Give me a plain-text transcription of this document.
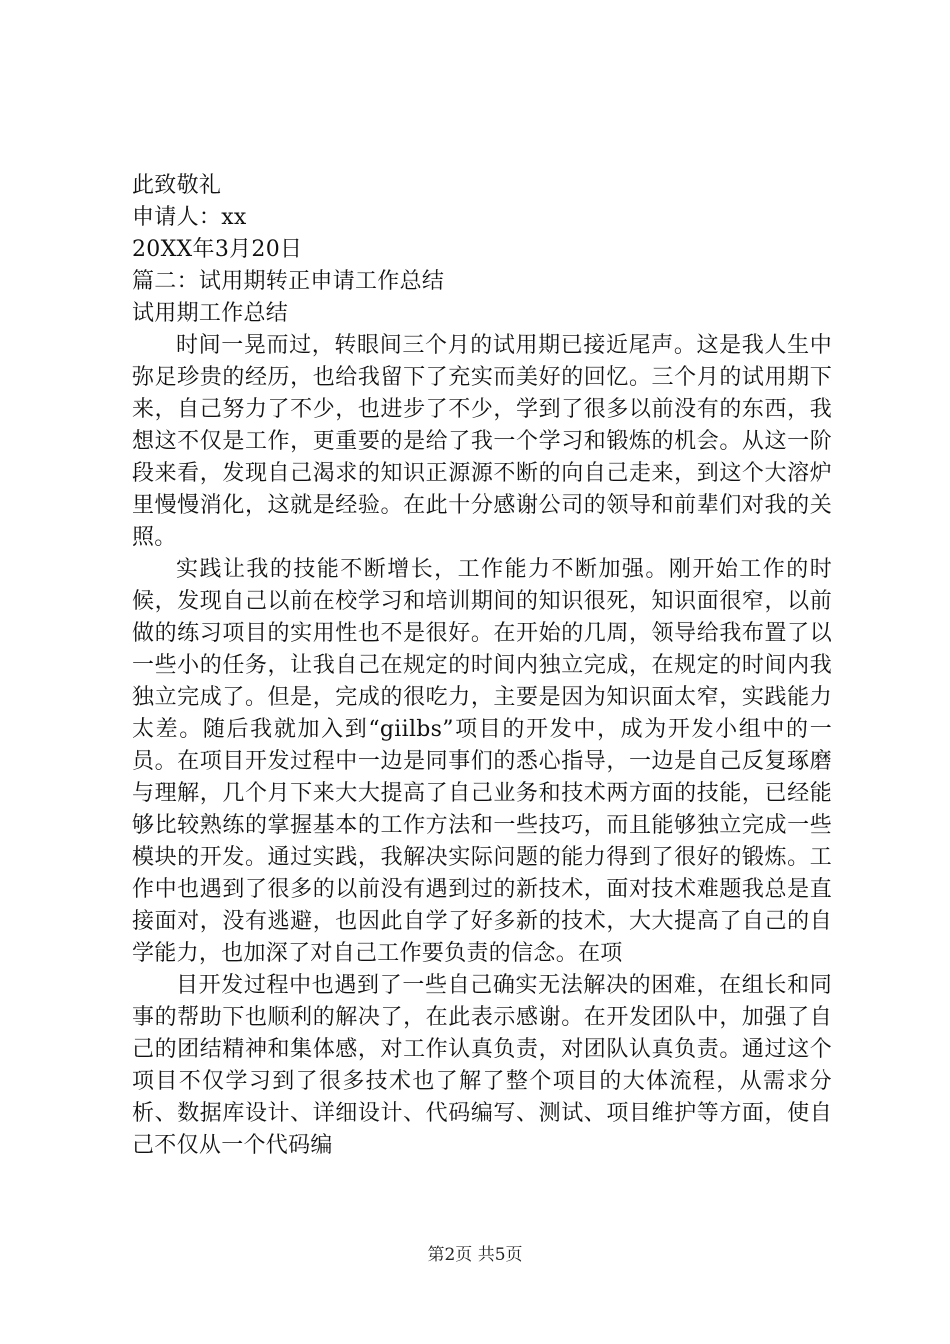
此致敬礼

申请人：xx

20XX年3月20日

篇二：试用期转正申请工作总结

试用期工作总结

时间一晃而过，转眼间三个月的试用期已接近尾声。这是我人生中弥足珍贵的经历，也给我留下了充实而美好的回忆。三个月的试用期下来，自己努力了不少，也进步了不少，学到了很多以前没有的东西，我想这不仅是工作，更重要的是给了我一个学习和锻炼的机会。从这一阶段来看，发现自己渴求的知识正源源不断的向自己走来，到这个大溶炉里慢慢消化，这就是经验。在此十分感谢公司的领导和前辈们对我的关照。

实践让我的技能不断增长，工作能力不断加强。刚开始工作的时候，发现自己以前在校学习和培训期间的知识很死，知识面很窄，以前做的练习项目的实用性也不是很好。在开始的几周，领导给我布置了以一些小的任务，让我自己在规定的时间内独立完成，在规定的时间内我独立完成了。但是，完成的很吃力，主要是因为知识面太窄，实践能力太差。随后我就加入到“giilbs”项目的开发中，成为开发小组中的一员。在项目开发过程中一边是同事们的悉心指导，一边是自己反复琢磨与理解，几个月下来大大提高了自己业务和技术两方面的技能，已经能够比较熟练的掌握基本的工作方法和一些技巧，而且能够独立完成一些模块的开发。通过实践，我解决实际问题的能力得到了很好的锻炼。工作中也遇到了很多的以前没有遇到过的新技术，面对技术难题我总是直接面对，没有逃避，也因此自学了好多新的技术，大大提高了自己的自学能力，也加深了对自己工作要负责的信念。在项

目开发过程中也遇到了一些自己确实无法解决的困难，在组长和同事的帮助下也顺利的解决了，在此表示感谢。在开发团队中，加强了自己的团结精神和集体感，对工作认真负责，对团队认真负责。通过这个项目不仅学习到了很多技术也了解了整个项目的大体流程，从需求分析、数据库设计、详细设计、代码编写、测试、项目维护等方面，使自己不仅从一个代码编

第2页 共5页
